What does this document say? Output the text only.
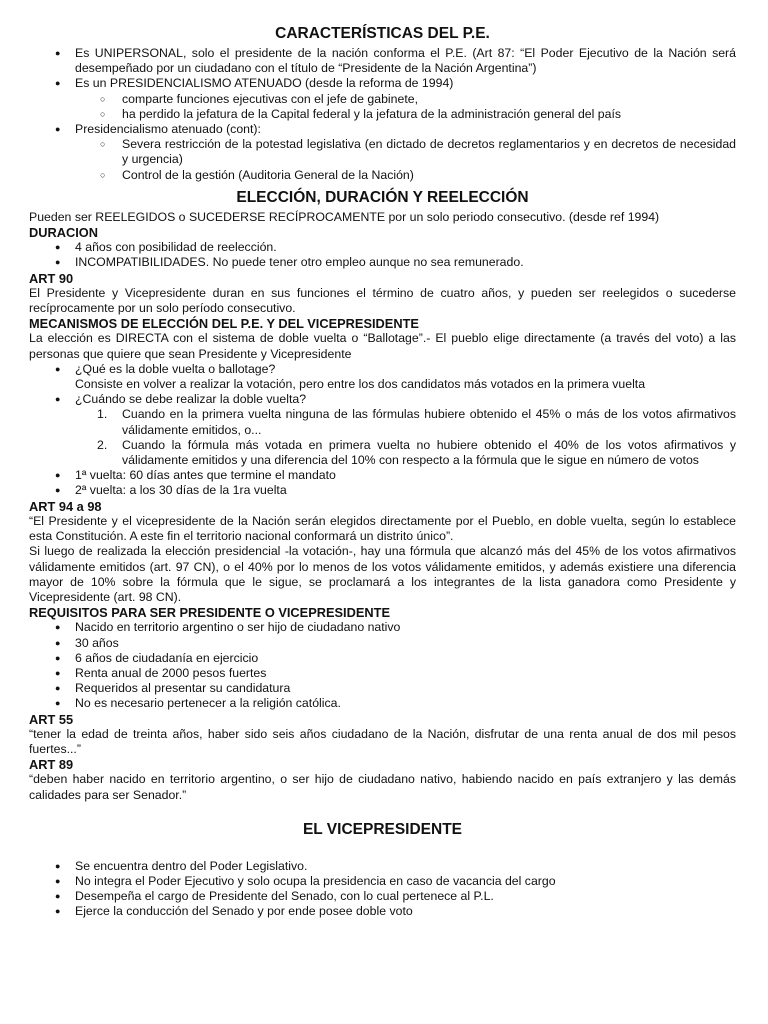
CARACTERÍSTICAS DEL P.E.
● Es UNIPERSONAL, solo el presidente de la nación conforma el P.E. (Art 87: “El Poder Ejecutivo de la Nación será desempeñado por un ciudadano con el título de “Presidente de la Nación Argentina”)
● Es un PRESIDENCIALISMO ATENUADO (desde la reforma de 1994)
○ comparte funciones ejecutivas con el jefe de gabinete,
○ ha perdido la jefatura de la Capital federal y la jefatura de la administración general del país
● Presidencialismo atenuado (cont):
○ Severa restricción de la potestad legislativa (en dictado de decretos reglamentarios y en decretos de necesidad y urgencia)
○ Control de la gestión (Auditoria General de la Nación)
ELECCIÓN, DURACIÓN Y REELECCIÓN

Pueden ser REELEGIDOS o SUCEDERSE RECÍPROCAMENTE por un solo periodo consecutivo. (desde ref 1994)

DURACION
● 4 años con posibilidad de reelección.
● INCOMPATIBILIDADES. No puede tener otro empleo aunque no sea remunerado.
ART 90

El Presidente y Vicepresidente duran en sus funciones el término de cuatro años, y pueden ser reelegidos o sucederse recíprocamente por un solo período consecutivo.

MECANISMOS DE ELECCIÓN DEL P.E. Y DEL VICEPRESIDENTE

La elección es DIRECTA con el sistema de doble vuelta o “Ballotage”.- El pueblo elige directamente (a través del voto) a las personas que quiere que sean Presidente y Vicepresidente

● ¿Qué es la doble vuelta o ballotage?
Consiste en volver a realizar la votación, pero entre los dos candidatos más votados en la primera vuelta
● ¿Cuándo se debe realizar la doble vuelta?
1. Cuando en la primera vuelta ninguna de las fórmulas hubiere obtenido el 45% o más de los votos afirmativos válidamente emitidos, o...
2. Cuando la fórmula más votada en primera vuelta no hubiere obtenido el 40% de los votos afirmativos y válidamente emitidos y una diferencia del 10% con respecto a la fórmula que le sigue en número de votos
● 1ª vuelta: 60 días antes que termine el mandato
● 2ª vuelta: a los 30 días de la 1ra vuelta
ART 94 a 98

“El Presidente y el vicepresidente de la Nación serán elegidos directamente por el Pueblo, en doble vuelta, según lo establece esta Constitución. A este fin el territorio nacional conformará un distrito único”.

Si luego de realizada la elección presidencial -la votación-, hay una fórmula que alcanzó más del 45% de los votos afirmativos válidamente emitidos (art. 97 CN), o el 40% por lo menos de los votos válidamente emitidos, y además existiere una diferencia mayor de 10% sobre la fórmula que le sigue, se proclamará a los integrantes de la lista ganadora como Presidente y Vicepresidente (art. 98 CN).

REQUISITOS PARA SER PRESIDENTE O VICEPRESIDENTE
● Nacido en territorio argentino o ser hijo de ciudadano nativo
● 30 años
● 6 años de ciudadanía en ejercicio
● Renta anual de 2000 pesos fuertes
● Requeridos al presentar su candidatura
● No es necesario pertenecer a la religión católica.
ART 55

“tener la edad de treinta años, haber sido seis años ciudadano de la Nación, disfrutar de una renta anual de dos mil pesos fuertes...”

ART 89

“deben haber nacido en territorio argentino, o ser hijo de ciudadano nativo, habiendo nacido en país extranjero y las demás calidades para ser Senador.”

EL VICEPRESIDENTE
● Se encuentra dentro del Poder Legislativo.
● No integra el Poder Ejecutivo y solo ocupa la presidencia en caso de vacancia del cargo
● Desempeña el cargo de Presidente del Senado, con lo cual pertenece al P.L.
● Ejerce la conducción del Senado y por ende posee doble voto
